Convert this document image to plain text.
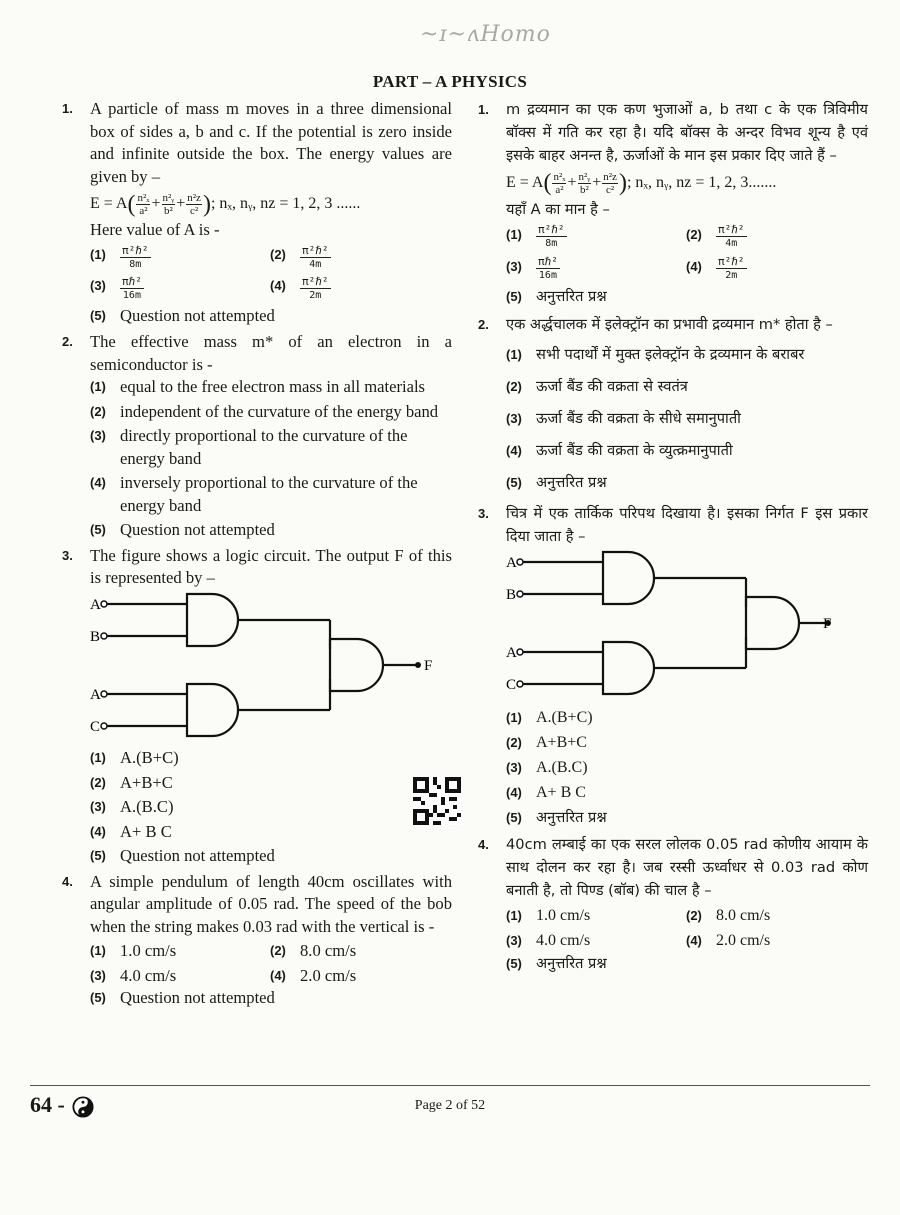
~ɪ~ʌHomo
PART – A PHYSICS
1. A particle of mass m moves in a three dimensional box of sides a, b and c. If the potential is zero inside and infinite outside the box. The energy values are given by –
$E = A( \frac{\text{n²ₓ}}{\text{a²}} + \frac{\text{n²ᵧ}}{\text{b²}} + \frac{\text{n²z}}{\text{c²}}$ ); nₓ, nᵧ, nz = 1, 2, 3 ......
Here value of A is -
$(1) \frac{\text{π²ℏ²}}{8m}$	$(2) \frac{\text{π²ℏ²}}{4m}$
$(3) \frac{\text{πℏ²}}{16m}$	$(4) \frac{\text{π²ℏ²}}{2m}$
(5) Question not attempted
2. The effective mass m* of an electron in a semiconductor is -
(1) equal to the free electron mass in all materials
(2) independent of the curvature of the energy band
(3) directly proportional to the curvature of the energy band
(4) inversely proportional to the curvature of the energy band
(5) Question not attempted
3. The figure shows a logic circuit. The output F of this is represented by –
A
B
A
C
F
(1) A.(B+C)
(2) A+B+C
(3) A.(B.C)
(4) A+ B C
(5) Question not attempted
4. A simple pendulum of length 40cm oscillates with angular amplitude of 0.05 rad. The speed of the bob when the string makes 0.03 rad with the vertical is -
(1) 1.0 cm/s	(2) 8.0 cm/s
(3) 4.0 cm/s	(4) 2.0 cm/s
(5) Question not attempted
1. m द्रव्यमान का एक कण भुजाओं a, b तथा c के एक त्रिविमीय बॉक्स में गति कर रहा है। यदि बॉक्स के अन्दर विभव शून्य है एवं इसके बाहर अनन्त है, ऊर्जाओं के मान इस प्रकार दिए जाते हैं –
$E = A( \frac{\text{n²ₓ}}{\text{a²}} + \frac{\text{n²ᵧ}}{\text{b²}} + \frac{\text{n²z}}{\text{c²}}$ ); nₓ, nᵧ, nz = 1, 2, 3.......
यहाँ A का मान है –
$(1) \frac{\text{π²ℏ²}}{8m}$	$(2) \frac{\text{π²ℏ²}}{4m}$
$(3) \frac{\text{πℏ²}}{16m}$	$(4) \frac{\text{π²ℏ²}}{2m}$
(5) अनुत्तरित प्रश्न
2. एक अर्द्धचालक में इलेक्ट्रॉन का प्रभावी द्रव्यमान m* होता है –
(1) सभी पदार्थों में मुक्त इलेक्ट्रॉन के द्रव्यमान के बराबर
(2) ऊर्जा बैंड की वक्रता से स्वतंत्र
(3) ऊर्जा बैंड की वक्रता के सीधे समानुपाती
(4) ऊर्जा बैंड की वक्रता के व्युत्क्रमानुपाती
(5) अनुत्तरित प्रश्न
3. चित्र में एक तार्किक परिपथ दिखाया है। इसका निर्गत F इस प्रकार दिया जाता है –
A
B
A
C
F
(1) A.(B+C)
(2) A+B+C
(3) A.(B.C)
(4) A+ B C
(5) अनुत्तरित प्रश्न
4. 40cm लम्बाई का एक सरल लोलक 0.05 rad कोणीय आयाम के साथ दोलन कर रहा है। जब रस्सी ऊर्ध्वाधर से 0.03 rad कोण बनाती है, तो पिण्ड (बॉब) की चाल है –
(1) 1.0 cm/s	(2) 8.0 cm/s
(3) 4.0 cm/s	(4) 2.0 cm/s
(5) अनुत्तरित प्रश्न
64 -	Page 2 of 52
